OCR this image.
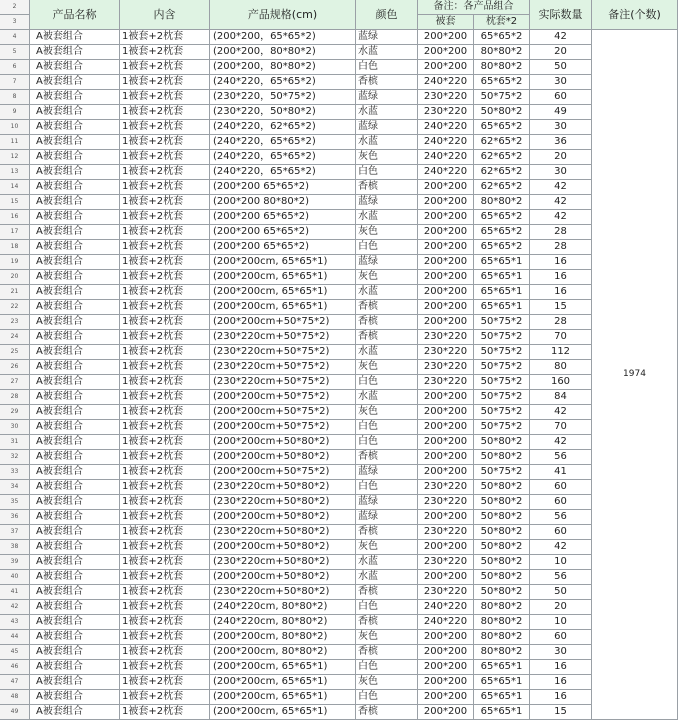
2
3
产品名称	内含	产品规格(cm)	颜色
备注：各产品组合
被套	枕套*2
实际数量	备注(个数)
1974
4	A被套组合	1被套+2枕套	(200*200，65*65*2)	蓝绿	200*200	65*65*2	42
5	A被套组合	1被套+2枕套	(200*200，80*80*2)	水蓝	200*200	80*80*2	20
6	A被套组合	1被套+2枕套	(200*200，80*80*2)	白色	200*200	80*80*2	50
7	A被套组合	1被套+2枕套	(240*220，65*65*2)	香槟	240*220	65*65*2	30
8	A被套组合	1被套+2枕套	(230*220，50*75*2)	蓝绿	230*220	50*75*2	60
9	A被套组合	1被套+2枕套	(230*220，50*80*2)	水蓝	230*220	50*80*2	49
10	A被套组合	1被套+2枕套	(240*220，62*65*2)	蓝绿	240*220	65*65*2	30
11	A被套组合	1被套+2枕套	(240*220，65*65*2)	水蓝	240*220	62*65*2	36
12	A被套组合	1被套+2枕套	(240*220，65*65*2)	灰色	240*220	62*65*2	20
13	A被套组合	1被套+2枕套	(240*220，65*65*2)	白色	240*220	62*65*2	30
14	A被套组合	1被套+2枕套	(200*200 65*65*2)	香槟	200*200	62*65*2	42
15	A被套组合	1被套+2枕套	(200*200 80*80*2)	蓝绿	200*200	80*80*2	42
16	A被套组合	1被套+2枕套	(200*200 65*65*2)	水蓝	200*200	65*65*2	42
17	A被套组合	1被套+2枕套	(200*200 65*65*2)	灰色	200*200	65*65*2	28
18	A被套组合	1被套+2枕套	(200*200 65*65*2)	白色	200*200	65*65*2	28
19	A被套组合	1被套+2枕套	(200*200cm, 65*65*1)	蓝绿	200*200	65*65*1	16
20	A被套组合	1被套+2枕套	(200*200cm, 65*65*1)	灰色	200*200	65*65*1	16
21	A被套组合	1被套+2枕套	(200*200cm, 65*65*1)	水蓝	200*200	65*65*1	16
22	A被套组合	1被套+2枕套	(200*200cm, 65*65*1)	香槟	200*200	65*65*1	15
23	A被套组合	1被套+2枕套	(200*200cm+50*75*2)	香槟	200*200	50*75*2	28
24	A被套组合	1被套+2枕套	(230*220cm+50*75*2)	香槟	230*220	50*75*2	70
25	A被套组合	1被套+2枕套	(230*220cm+50*75*2)	水蓝	230*220	50*75*2	112
26	A被套组合	1被套+2枕套	(230*220cm+50*75*2)	灰色	230*220	50*75*2	80
27	A被套组合	1被套+2枕套	(230*220cm+50*75*2)	白色	230*220	50*75*2	160
28	A被套组合	1被套+2枕套	(200*200cm+50*75*2)	水蓝	200*200	50*75*2	84
29	A被套组合	1被套+2枕套	(200*200cm+50*75*2)	灰色	200*200	50*75*2	42
30	A被套组合	1被套+2枕套	(200*200cm+50*75*2)	白色	200*200	50*75*2	70
31	A被套组合	1被套+2枕套	(200*200cm+50*80*2)	白色	200*200	50*80*2	42
32	A被套组合	1被套+2枕套	(200*200cm+50*80*2)	香槟	200*200	50*80*2	56
33	A被套组合	1被套+2枕套	(200*200cm+50*75*2)	蓝绿	200*200	50*75*2	41
34	A被套组合	1被套+2枕套	(230*220cm+50*80*2)	白色	230*220	50*80*2	60
35	A被套组合	1被套+2枕套	(230*220cm+50*80*2)	蓝绿	230*220	50*80*2	60
36	A被套组合	1被套+2枕套	(200*200cm+50*80*2)	蓝绿	200*200	50*80*2	56
37	A被套组合	1被套+2枕套	(230*220cm+50*80*2)	香槟	230*220	50*80*2	60
38	A被套组合	1被套+2枕套	(200*200cm+50*80*2)	灰色	200*200	50*80*2	42
39	A被套组合	1被套+2枕套	(230*220cm+50*80*2)	水蓝	230*220	50*80*2	10
40	A被套组合	1被套+2枕套	(200*200cm+50*80*2)	水蓝	200*200	50*80*2	56
41	A被套组合	1被套+2枕套	(230*220cm+50*80*2)	香槟	230*220	50*80*2	50
42	A被套组合	1被套+2枕套	(240*220cm, 80*80*2)	白色	240*220	80*80*2	20
43	A被套组合	1被套+2枕套	(240*220cm, 80*80*2)	香槟	240*220	80*80*2	10
44	A被套组合	1被套+2枕套	(200*200cm, 80*80*2)	灰色	200*200	80*80*2	60
45	A被套组合	1被套+2枕套	(200*200cm, 80*80*2)	香槟	200*200	80*80*2	30
46	A被套组合	1被套+2枕套	(200*200cm, 65*65*1)	白色	200*200	65*65*1	16
47	A被套组合	1被套+2枕套	(200*200cm, 65*65*1)	灰色	200*200	65*65*1	16
48	A被套组合	1被套+2枕套	(200*200cm, 65*65*1)	白色	200*200	65*65*1	16
49	A被套组合	1被套+2枕套	(200*200cm, 65*65*1)	香槟	200*200	65*65*1	15
